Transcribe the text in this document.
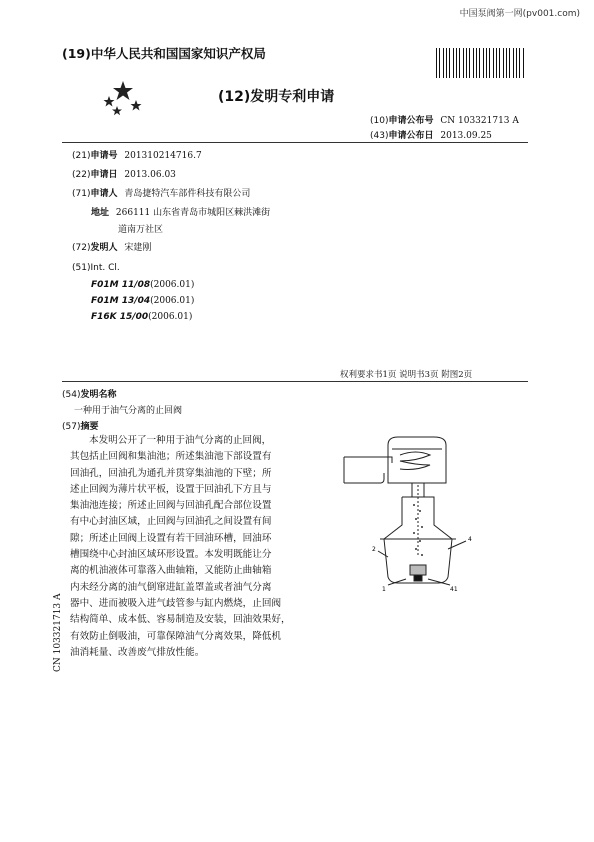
中国泵阀第一网(pv001.com)
(19)中华人民共和国国家知识产权局
(12)发明专利申请
(10)申请公布号 CN 103321713 A
(43)申请公布日 2013.09.25
(21)申请号 201310214716.7
(22)申请日 2013.06.03
(71)申请人 青岛捷特汽车部件科技有限公司
地址 266111 山东省青岛市城阳区棘洪滩街
道南万社区
(72)发明人 宋建刚
(51)Int. Cl.
F01M 11/08(2006.01)
F01M 13/04(2006.01)
F16K 15/00(2006.01)
权利要求书1页 说明书3页 附图2页
(54)发明名称
一种用于油气分离的止回阀
(57)摘要
本发明公开了一种用于油气分离的止回阀，
其包括止回阀和集油池；所述集油池下部设置有
回油孔，回油孔为通孔并贯穿集油池的下壁；所
述止回阀为薄片状平板，设置于回油孔下方且与
集油池连接；所述止回阀与回油孔配合部位设置
有中心封油区域，止回阀与回油孔之间设置有间
隙；所述止回阀上设置有若干回油环槽，回油环
槽围绕中心封油区域环形设置。本发明既能让分
离的机油液体可靠落入曲轴箱，又能防止曲轴箱
内未经分离的油气倒窜进缸盖罩盖或者油气分离
器中、进而被吸入进气歧管参与缸内燃烧，止回阀
结构简单、成本低、容易制造及安装，回油效果好，
有效防止倒吸油，可靠保障油气分离效果，降低机
油消耗量、改善废气排放性能。
2
4
1	41
CN 103321713 A
